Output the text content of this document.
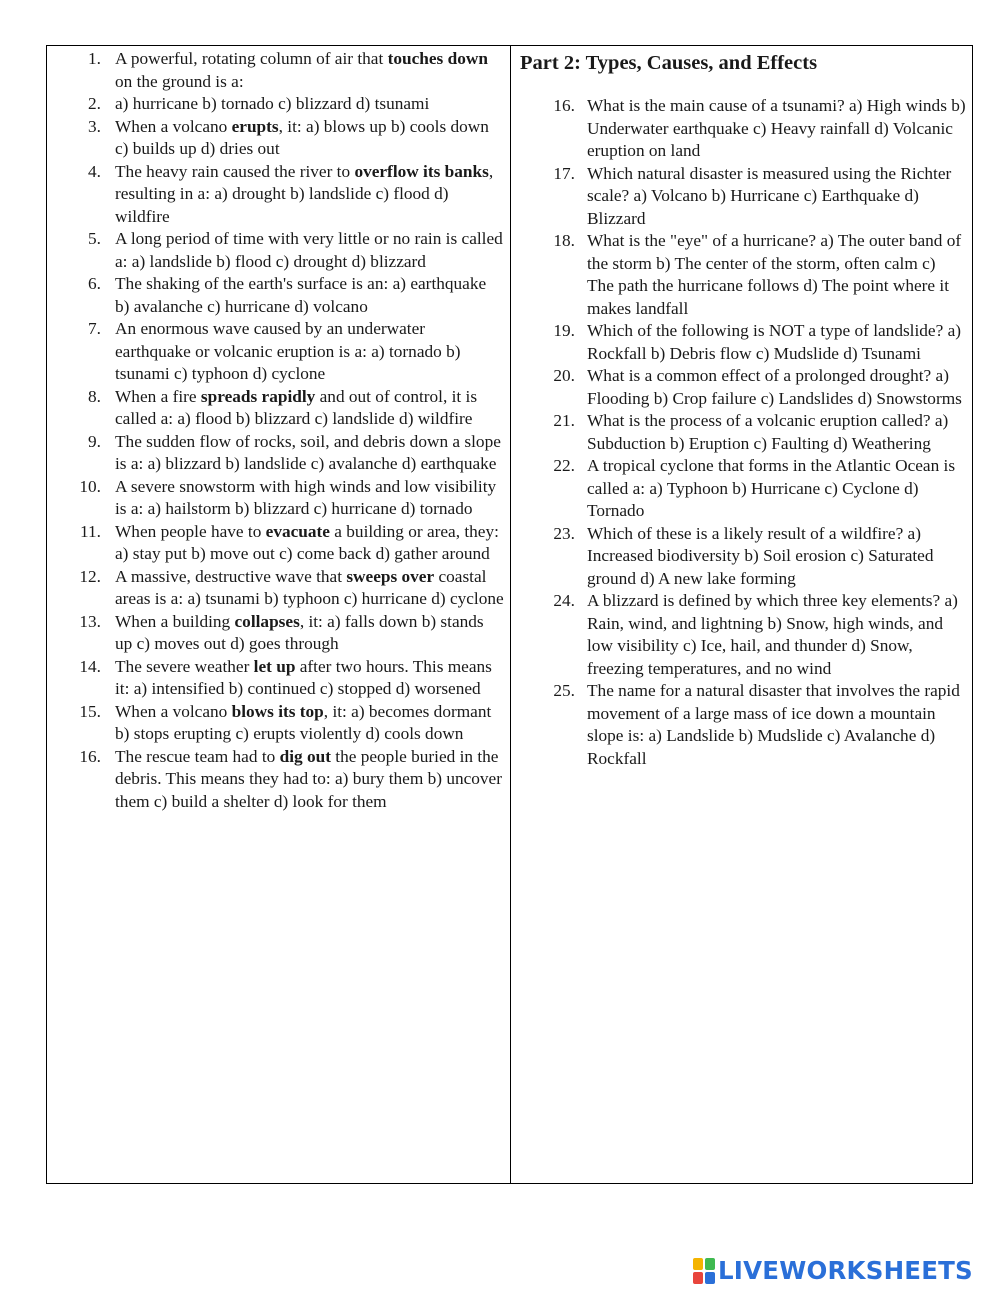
1. A powerful, rotating column of air that touches down on the ground is a:
2. a) hurricane b) tornado c) blizzard d) tsunami
3. When a volcano erupts, it: a) blows up b) cools down c) builds up d) dries out
4. The heavy rain caused the river to overflow its banks, resulting in a: a) drought b) landslide c) flood d) wildfire
5. A long period of time with very little or no rain is called a: a) landslide b) flood c) drought d) blizzard
6. The shaking of the earth's surface is an: a) earthquake b) avalanche c) hurricane d) volcano
7. An enormous wave caused by an underwater earthquake or volcanic eruption is a: a) tornado b) tsunami c) typhoon d) cyclone
8. When a fire spreads rapidly and out of control, it is called a: a) flood b) blizzard c) landslide d) wildfire
9. The sudden flow of rocks, soil, and debris down a slope is a: a) blizzard b) landslide c) avalanche d) earthquake
10. A severe snowstorm with high winds and low visibility is a: a) hailstorm b) blizzard c) hurricane d) tornado
11. When people have to evacuate a building or area, they: a) stay put b) move out c) come back d) gather around
12. A massive, destructive wave that sweeps over coastal areas is a: a) tsunami b) typhoon c) hurricane d) cyclone
13. When a building collapses, it: a) falls down b) stands up c) moves out d) goes through
14. The severe weather let up after two hours. This means it: a) intensified b) continued c) stopped d) worsened
15. When a volcano blows its top, it: a) becomes dormant b) stops erupting c) erupts violently d) cools down
16. The rescue team had to dig out the people buried in the debris. This means they had to: a) bury them b) uncover them c) build a shelter d) look for them
Part 2: Types, Causes, and Effects
16. What is the main cause of a tsunami? a) High winds b) Underwater earthquake c) Heavy rainfall d) Volcanic eruption on land
17. Which natural disaster is measured using the Richter scale? a) Volcano b) Hurricane c) Earthquake d) Blizzard
18. What is the "eye" of a hurricane? a) The outer band of the storm b) The center of the storm, often calm c) The path the hurricane follows d) The point where it makes landfall
19. Which of the following is NOT a type of landslide? a) Rockfall b) Debris flow c) Mudslide d) Tsunami
20. What is a common effect of a prolonged drought? a) Flooding b) Crop failure c) Landslides d) Snowstorms
21. What is the process of a volcanic eruption called? a) Subduction b) Eruption c) Faulting d) Weathering
22. A tropical cyclone that forms in the Atlantic Ocean is called a: a) Typhoon b) Hurricane c) Cyclone d) Tornado
23. Which of these is a likely result of a wildfire? a) Increased biodiversity b) Soil erosion c) Saturated ground d) A new lake forming
24. A blizzard is defined by which three key elements? a) Rain, wind, and lightning b) Snow, high winds, and low visibility c) Ice, hail, and thunder d) Snow, freezing temperatures, and no wind
25. The name for a natural disaster that involves the rapid movement of a large mass of ice down a mountain slope is: a) Landslide b) Mudslide c) Avalanche d) Rockfall
LIVEWORKSHEETS
